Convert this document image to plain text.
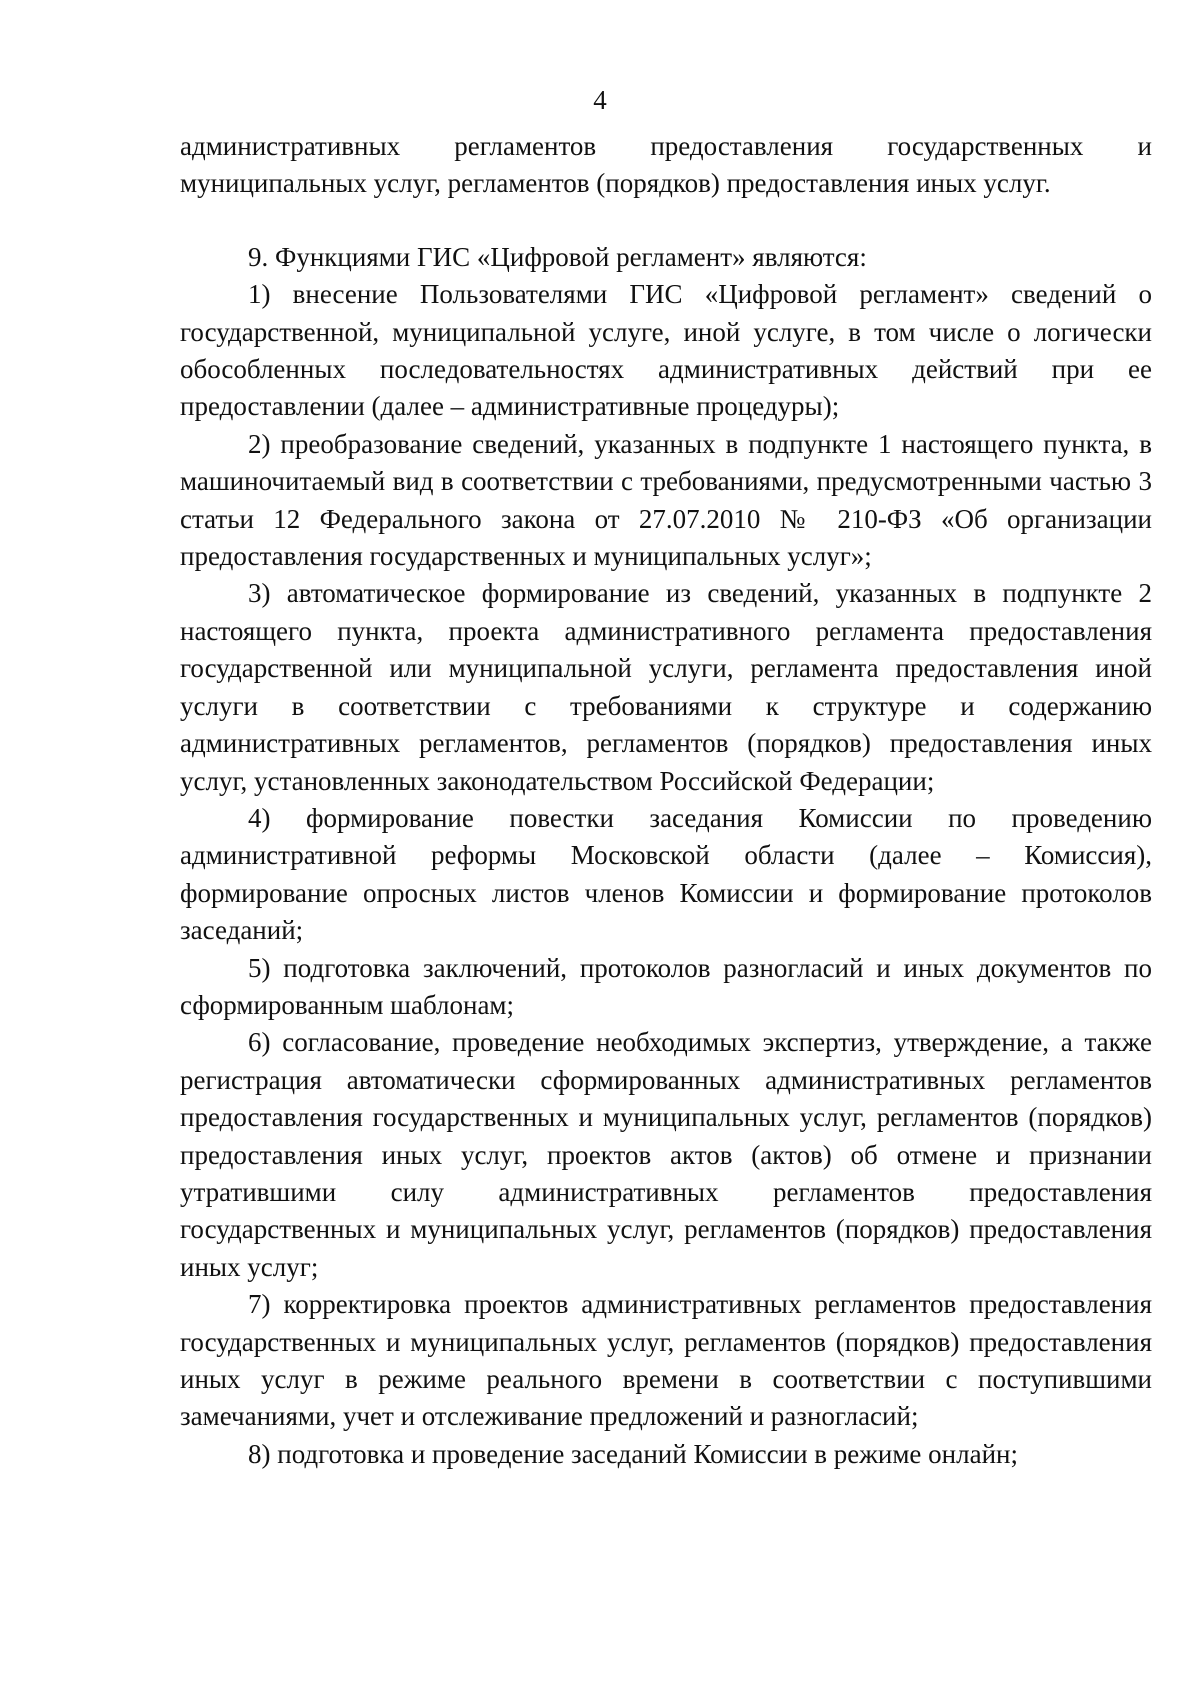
4

административных регламентов предоставления государственных и муниципальных услуг, регламентов (порядков) предоставления иных услуг.

9. Функциями ГИС «Цифровой регламент» являются:

1) внесение Пользователями ГИС «Цифровой регламент» сведений о государственной, муниципальной услуге, иной услуге, в том числе о логически обособленных последовательностях административных действий при ее предоставлении (далее – административные процедуры);

2) преобразование сведений, указанных в подпункте 1 настоящего пункта, в машиночитаемый вид в соответствии с требованиями, предусмотренными частью 3 статьи 12 Федерального закона от 27.07.2010 № 210-ФЗ «Об организации предоставления государственных и муниципальных услуг»;

3) автоматическое формирование из сведений, указанных в подпункте 2 настоящего пункта, проекта административного регламента предоставления государственной или муниципальной услуги, регламента предоставления иной услуги в соответствии с требованиями к структуре и содержанию административных регламентов, регламентов (порядков) предоставления иных услуг, установленных законодательством Российской Федерации;

4) формирование повестки заседания Комиссии по проведению административной реформы Московской области (далее – Комиссия), формирование опросных листов членов Комиссии и формирование протоколов заседаний;

5) подготовка заключений, протоколов разногласий и иных документов по сформированным шаблонам;

6) согласование, проведение необходимых экспертиз, утверждение, а также регистрация автоматически сформированных административных регламентов предоставления государственных и муниципальных услуг, регламентов (порядков) предоставления иных услуг, проектов актов (актов) об отмене и признании утратившими силу административных регламентов предоставления государственных и муниципальных услуг, регламентов (порядков) предоставления иных услуг;

7) корректировка проектов административных регламентов предоставления государственных и муниципальных услуг, регламентов (порядков) предоставления иных услуг в режиме реального времени в соответствии с поступившими замечаниями, учет и отслеживание предложений и разногласий;

8) подготовка и проведение заседаний Комиссии в режиме онлайн;
